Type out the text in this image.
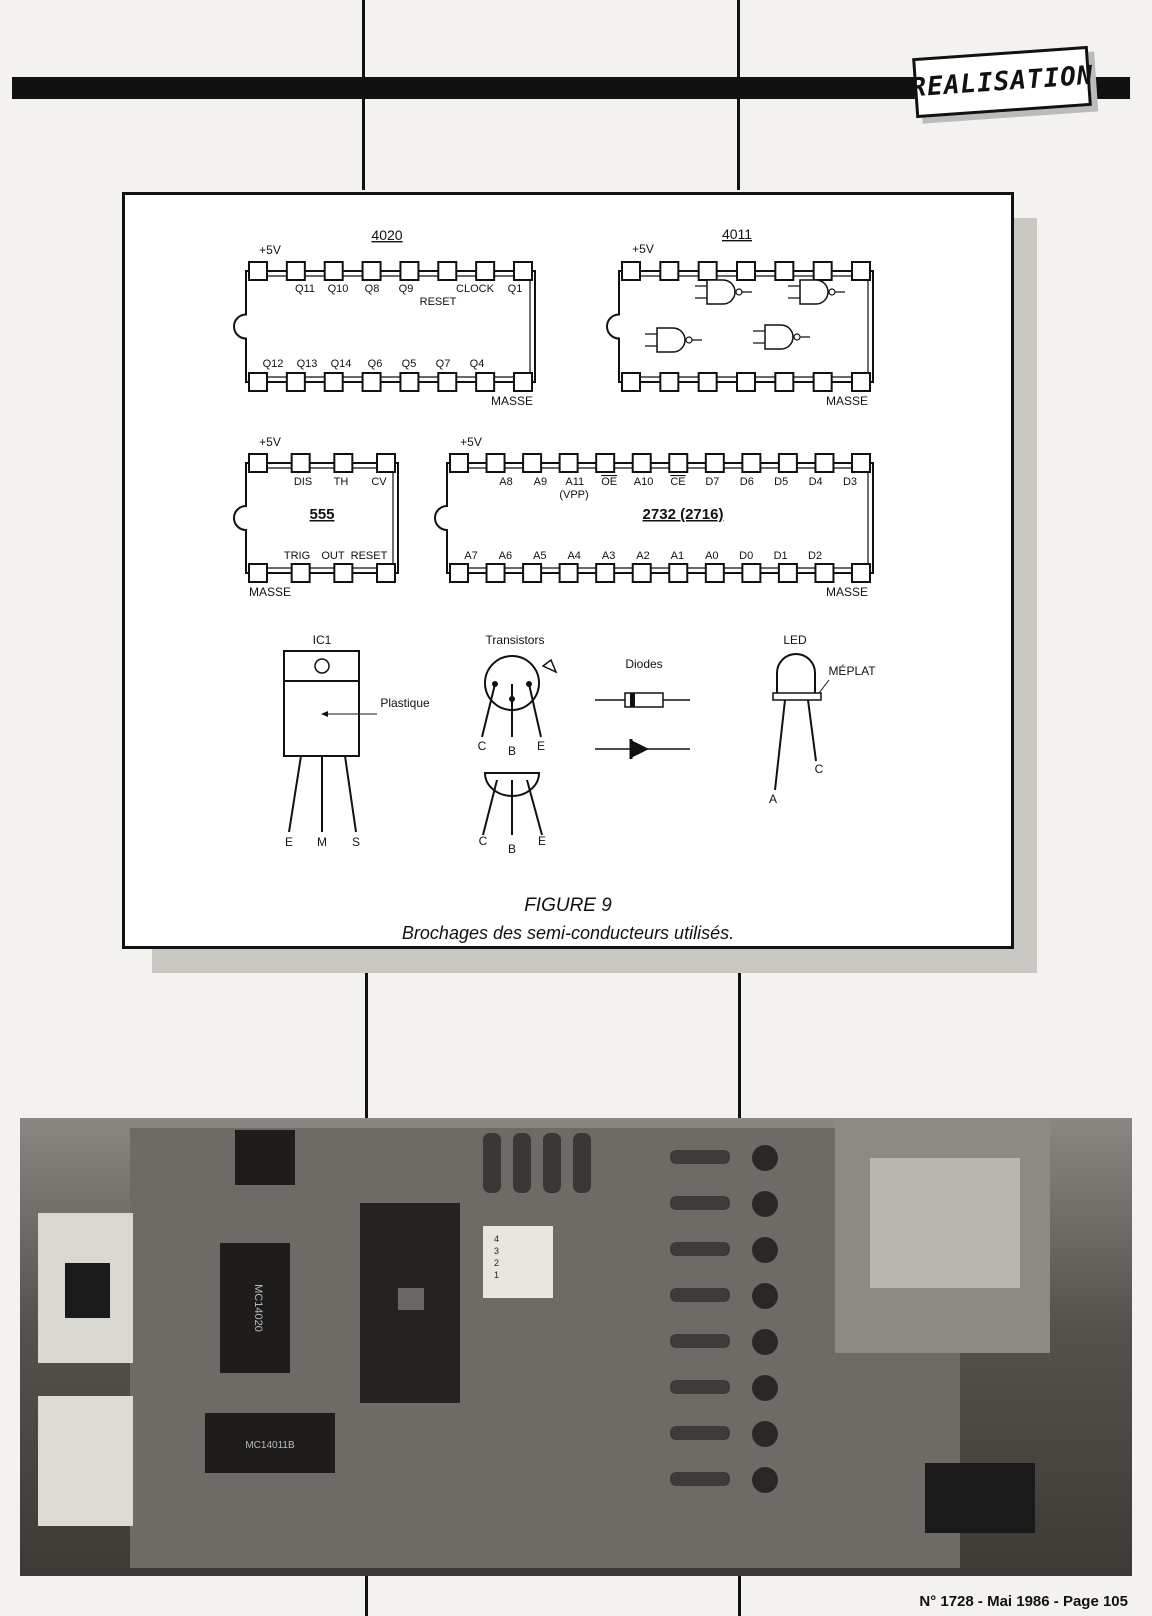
REALISATION
4020
+5V
MASSE
Q11 Q10 Q8 Q9	CLOCK Q1
RESET
Q12 Q13 Q14 Q6 Q5 Q7 Q4
4011
+5V
MASSE
+5V
MASSE
555
DIS TH CV
TRIG OUT RESET
+5V
MASSE
2732 (2716)
A8 A9 A11 OE A10 CE D7 D6 D5 D4 D3
(VPP)
A7 A6 A5 A4 A3 A2 A1 A0 D0 D1 D2
IC1
Plastique
E M S
Transistors
C B E
C
B
E
Diodes
LED
MÉPLAT
A
C
FIGURE 9
Brochages des semi-conducteurs utilisés.
MC14020
MC14011B
1
2
3
4
N° 1728 - Mai 1986 - Page 105
